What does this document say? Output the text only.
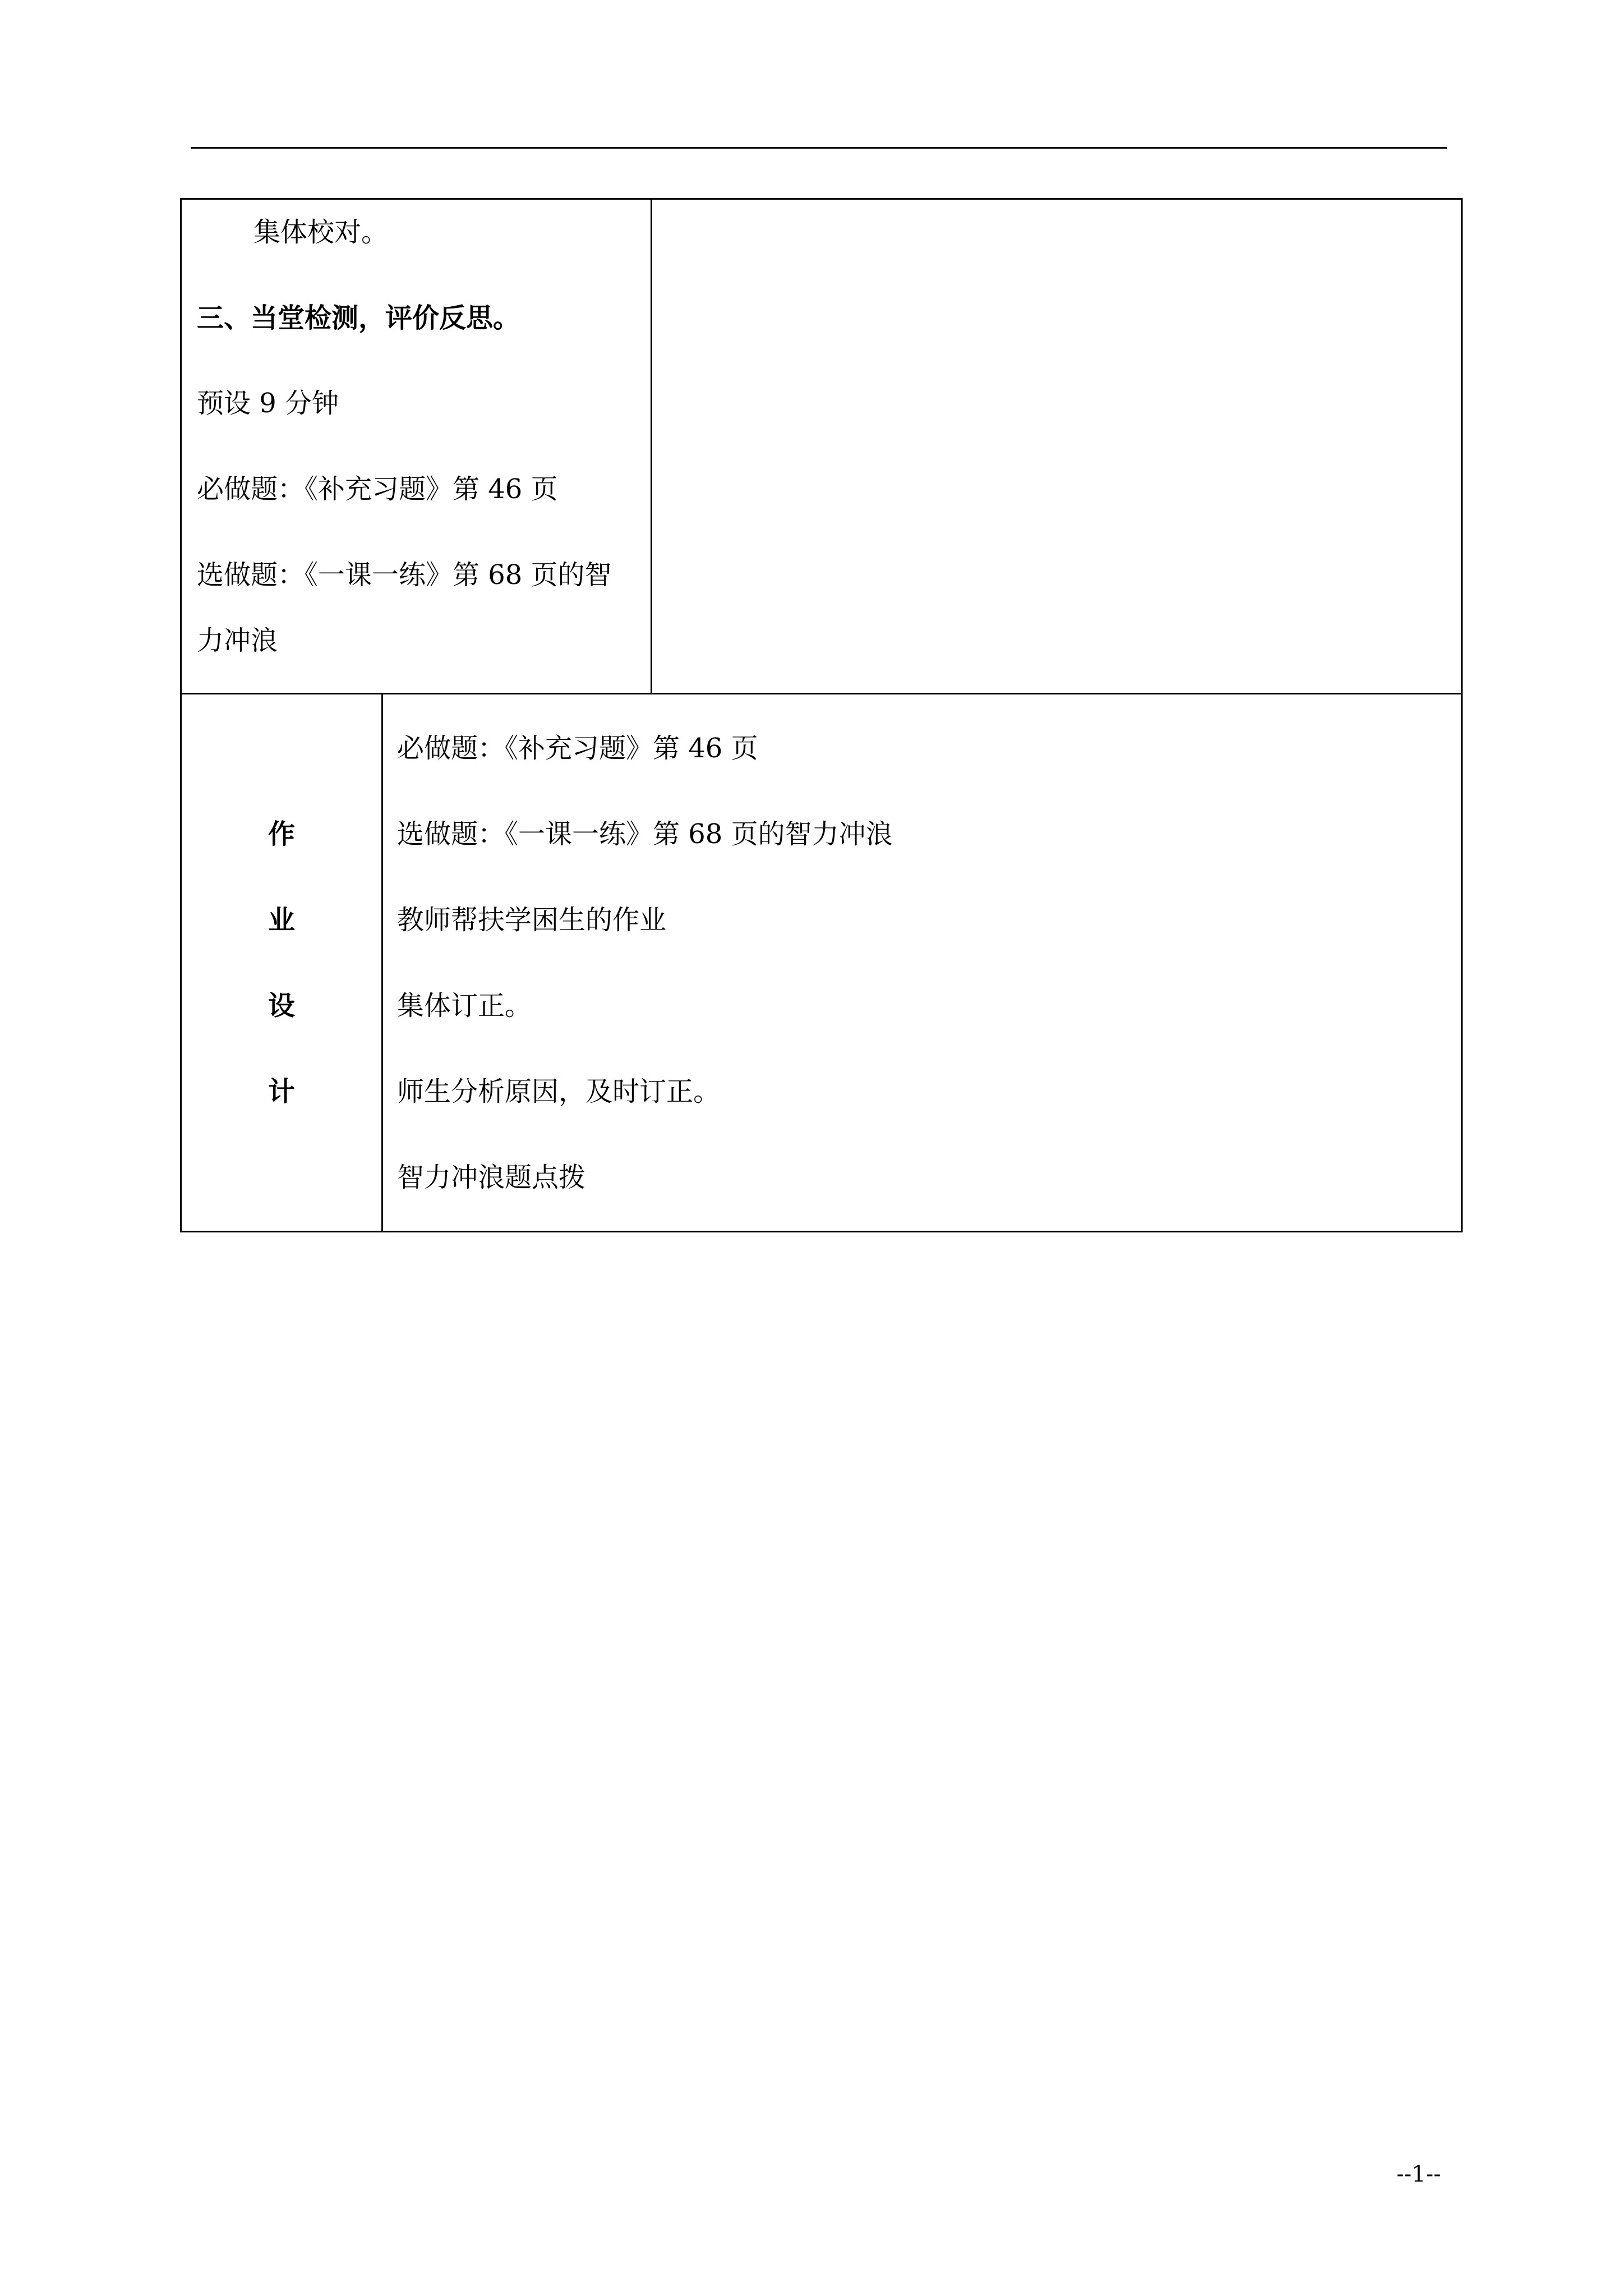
集体校对。
三、当堂检测，评价反思。
预设 9 分钟
必做题：《补充习题》第 46 页
选做题：《一课一练》第 68 页的智
力冲浪
作
业
设
计
必做题：《补充习题》第 46 页
选做题：《一课一练》第 68 页的智力冲浪
教师帮扶学困生的作业
集体订正。
师生分析原因，及时订正。
智力冲浪题点拨
--1--
